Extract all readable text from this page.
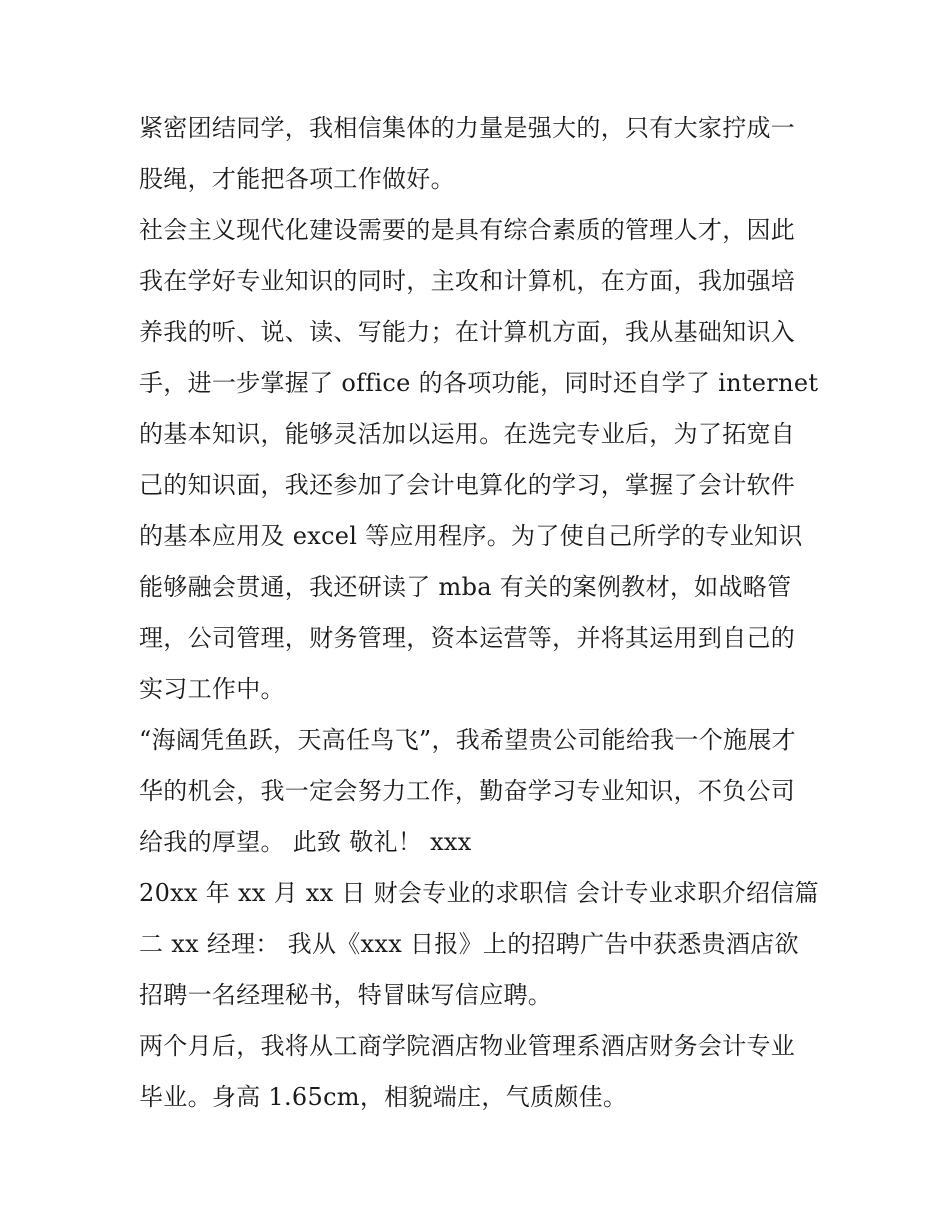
紧密团结同学，我相信集体的力量是强大的，只有大家拧成一
股绳，才能把各项工作做好。
社会主义现代化建设需要的是具有综合素质的管理人才，因此
我在学好专业知识的同时，主攻和计算机，在方面，我加强培
养我的听、说、读、写能力；在计算机方面，我从基础知识入
手，进一步掌握了 office 的各项功能，同时还自学了 internet
的基本知识，能够灵活加以运用。在选完专业后，为了拓宽自
己的知识面，我还参加了会计电算化的学习，掌握了会计软件
的基本应用及 excel 等应用程序。为了使自己所学的专业知识
能够融会贯通，我还研读了 mba 有关的案例教材，如战略管
理，公司管理，财务管理，资本运营等，并将其运用到自己的
实习工作中。
“海阔凭鱼跃，天高任鸟飞”，我希望贵公司能给我一个施展才
华的机会，我一定会努力工作，勤奋学习专业知识，不负公司
给我的厚望。 此致 敬礼！ xxx
20xx 年 xx 月 xx 日 财会专业的求职信 会计专业求职介绍信篇
二 xx 经理： 我从《xxx 日报》上的招聘广告中获悉贵酒店欲
招聘一名经理秘书，特冒昧写信应聘。
两个月后，我将从工商学院酒店物业管理系酒店财务会计专业
毕业。身高 1.65cm，相貌端庄，气质颇佳。
